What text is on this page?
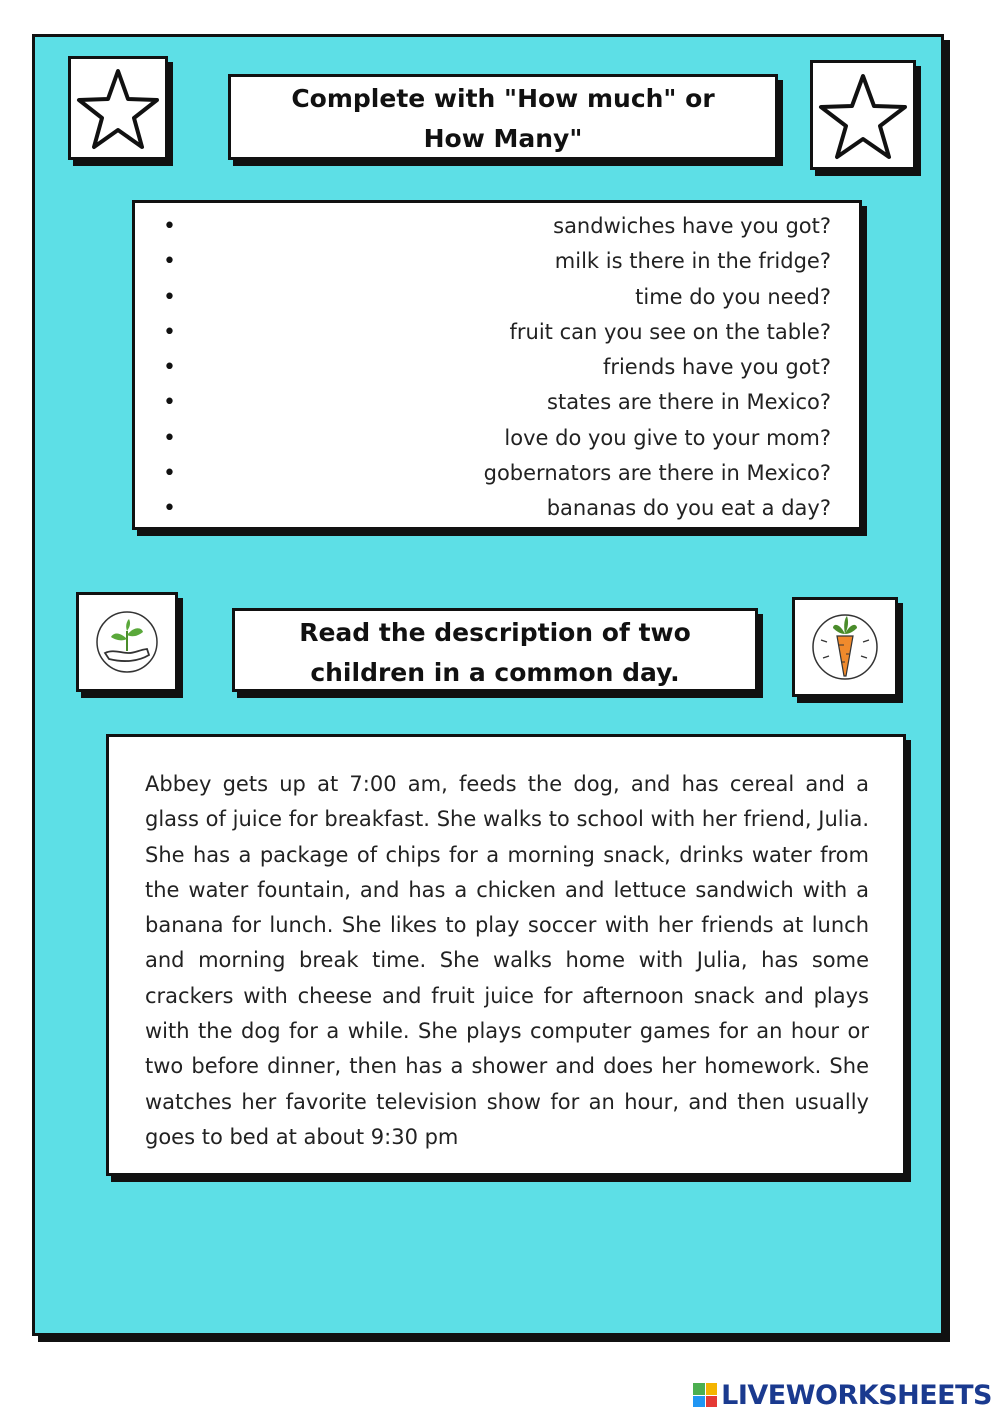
Complete with "How much" or How Many"

•	sandwiches have you got?
•	milk is there in the fridge?
•	time do you need?
•	fruit can you see on the table?
•	friends have you got?
•	states are there in Mexico?
•	love do you give to your mom?
•	gobernators are there in Mexico?
•	bananas do you eat a day?

Read the description of two children in a common day.

Abbey gets up at 7:00 am, feeds the dog, and has cereal and a glass of juice for breakfast. She walks to school with her friend, Julia. She has a package of chips for a morning snack, drinks water from the water fountain, and has a chicken and lettuce sandwich with a banana for lunch. She likes to play soccer with her friends at lunch and morning break time. She walks home with Julia, has some crackers with cheese and fruit juice for afternoon snack and plays with the dog for a while. She plays computer games for an hour or two before dinner, then has a shower and does her homework. She watches her favorite television show for an hour, and then usually goes to bed at about 9:30 pm

LIVEWORKSHEETS
